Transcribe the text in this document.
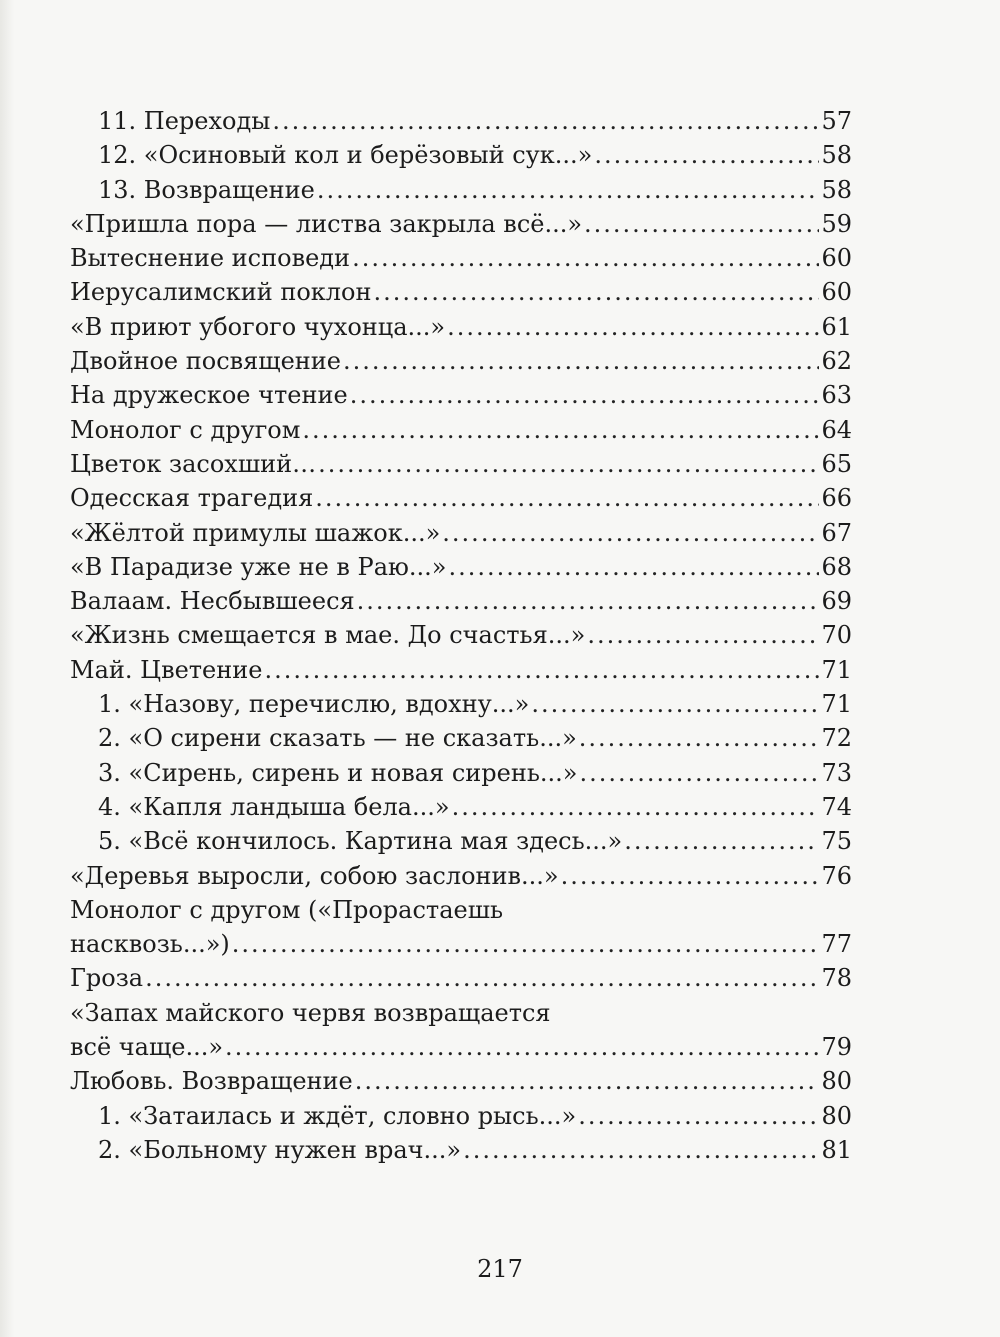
11. Переходы .....	57
12. «Осиновый кол и берёзовый сук...» .....	58
13. Возвращение .....	58
«Пришла пора — листва закрыла всё...» .....	59
Вытеснение исповеди .....	60
Иерусалимский поклон .....	60
«В приют убогого чухонца...» .....	61
Двойное посвящение .....	62
На дружеское чтение .....	63
Монолог с другом .....	64
Цветок засохший… .....	65
Одесская трагедия .....	66
«Жёлтой примулы шажок...» .....	67
«В Парадизе уже не в Раю...» .....	68
Валаам. Несбывшееся .....	69
«Жизнь смещается в мае. До счастья...» .....	70
Май. Цветение .....	71
1. «Назову, перечислю, вдохну...» .....	71
2. «О сирени сказать — не сказать...» .....	72
3. «Сирень, сирень и новая сирень...» .....	73
4. «Капля ландыша бела...» .....	74
5. «Всё кончилось. Картина мая здесь...» .....	75
«Деревья выросли, собою заслонив...» .....	76
Монолог с другом («Прорастаешь
насквозь...») .....	77
Гроза .....	78
«Запах майского червя возвращается
всё чаще...» .....	79
Любовь. Возвращение .....	80
1. «Затаилась и ждёт, словно рысь...» .....	80
2. «Больному нужен врач...» .....	81
217
